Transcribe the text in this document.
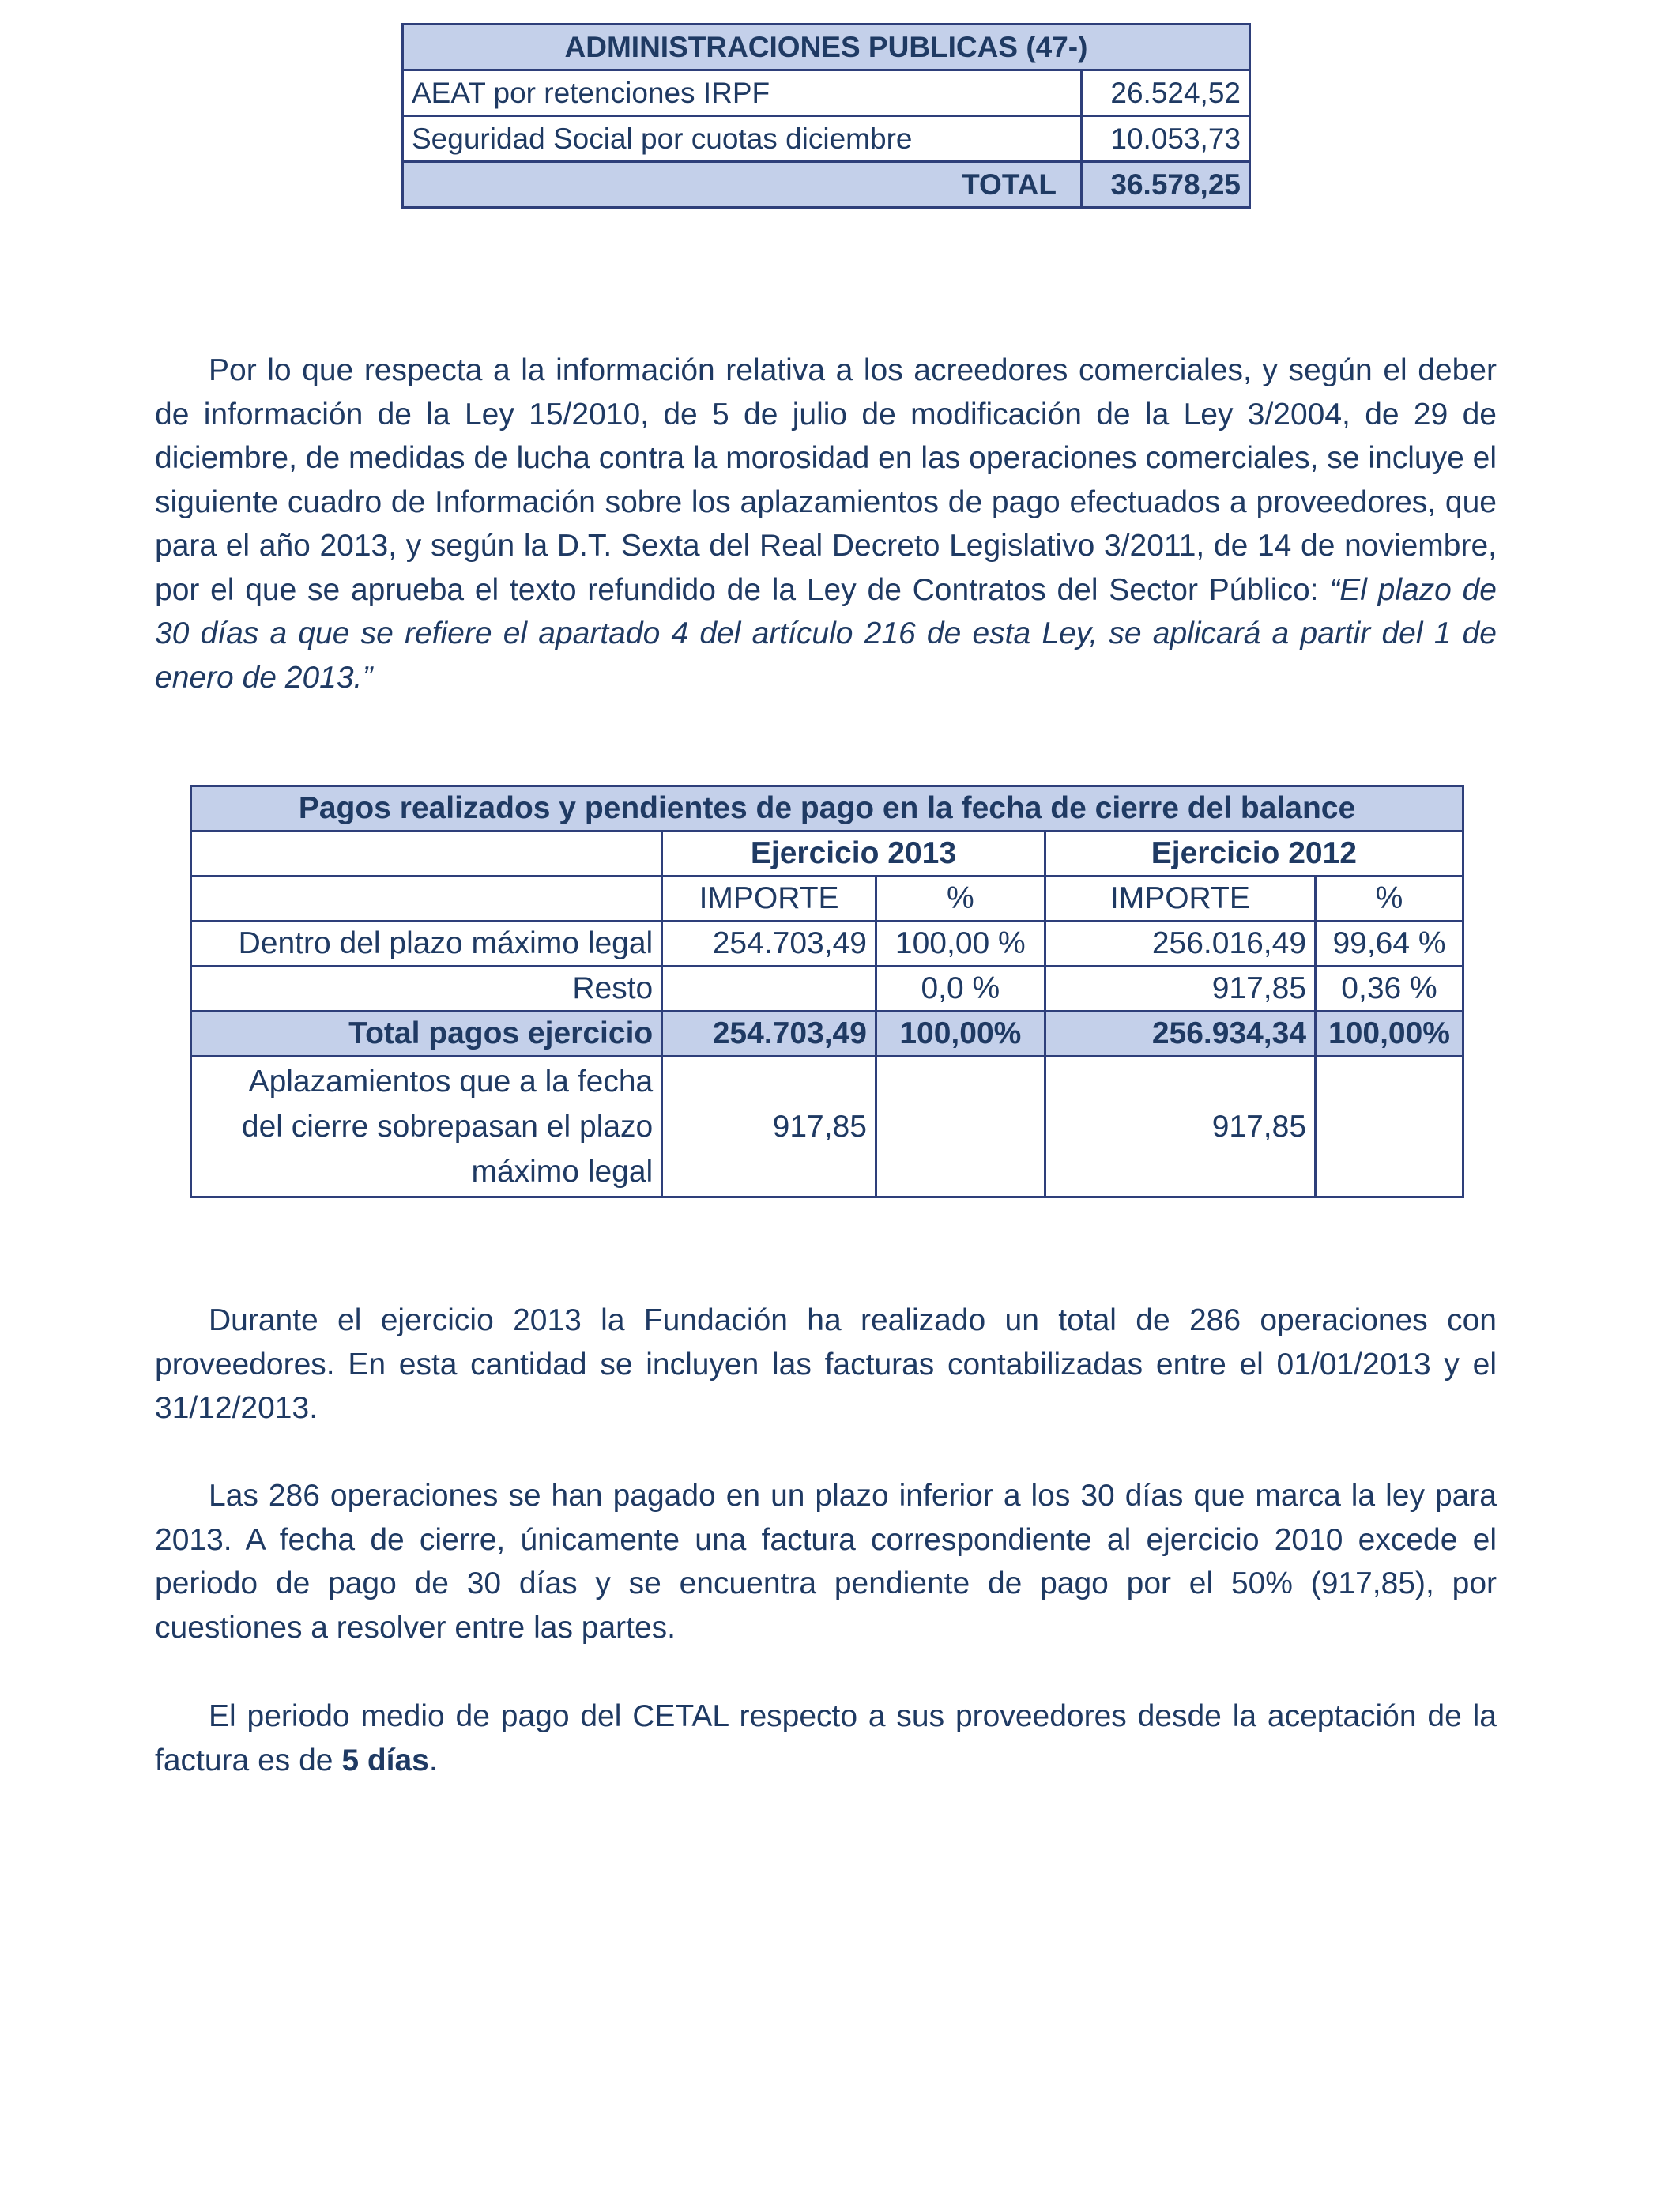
ADMINISTRACIONES PUBLICAS (47-)	
AEAT por retenciones IRPF	26.524,52
Seguridad Social por cuotas diciembre	10.053,73
TOTAL	36.578,25
Por lo que respecta a la información relativa a los acreedores comerciales, y según el deber de información de la Ley 15/2010, de 5 de julio de modificación de la Ley 3/2004, de 29 de diciembre, de medidas de lucha contra la morosidad en las operaciones comerciales, se incluye el siguiente cuadro de Información sobre los aplazamientos de pago efectuados a proveedores, que para el año 2013, y según la D.T. Sexta del Real Decreto Legislativo 3/2011, de 14 de noviembre, por el que se aprueba el texto refundido de la Ley de Contratos del Sector Público: “El plazo de 30 días a que se refiere el apartado 4 del artículo 216 de esta Ley, se aplicará a partir del 1 de enero de 2013.”
Pagos realizados y pendientes de pago en la fecha de cierre del balance				
	Ejercicio 2013		Ejercicio 2012	
	IMPORTE	%	IMPORTE	%
Dentro del plazo máximo legal	254.703,49	100,00 %	256.016,49	99,64 %
Resto		0,0 %	917,85	0,36 %
Total pagos ejercicio	254.703,49	100,00%	256.934,34	100,00%
Aplazamientos que a la fecha
del cierre sobrepasan el plazo
máximo legal	917,85		917,85	
Durante el ejercicio 2013 la Fundación ha realizado un total de 286 operaciones con proveedores. En esta cantidad se incluyen las facturas contabilizadas entre el 01/01/2013 y el 31/12/2013.
Las 286 operaciones se han pagado en un plazo inferior a los 30 días que marca la ley para 2013. A fecha de cierre, únicamente una factura correspondiente al ejercicio 2010 excede el periodo de pago de 30 días y se encuentra pendiente de pago por el 50% (917,85), por cuestiones a resolver entre las partes.
El periodo medio de pago del CETAL respecto a sus proveedores desde la aceptación de la factura es de 5 días.
